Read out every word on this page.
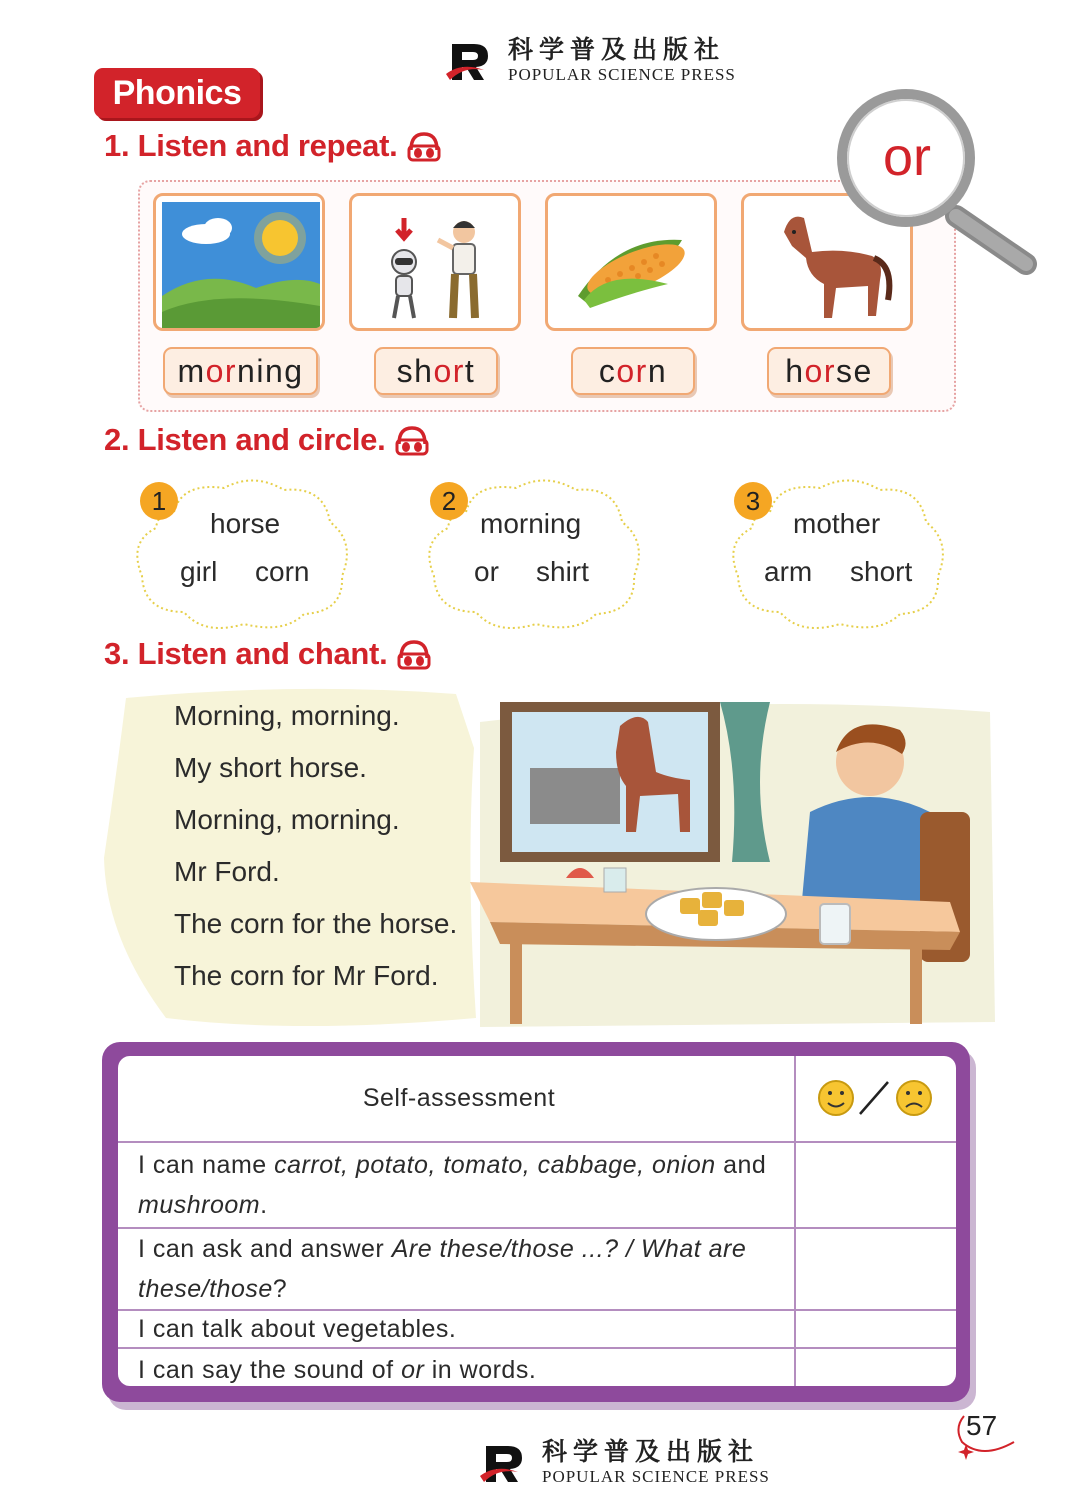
科学普及出版社
POPULAR SCIENCE PRESS
Phonics
1. Listen and repeat.
morning	short	corn	horse
or
2. Listen and circle.
1
horse
girl corn
2
morning
or shirt
3
mother
arm short
3. Listen and chant.
Morning, morning.
My short horse.
Morning, morning.
Mr Ford.
The corn for the horse.
The corn for Mr Ford.
Self-assessment	
I can name carrot, potato, tomato, cabbage, onion and mushroom.	
I can ask and answer Are these/those ...? / What are these/those?	
I can talk about vegetables.	
I can say the sound of or in words.	
57
科学普及出版社
POPULAR SCIENCE PRESS
